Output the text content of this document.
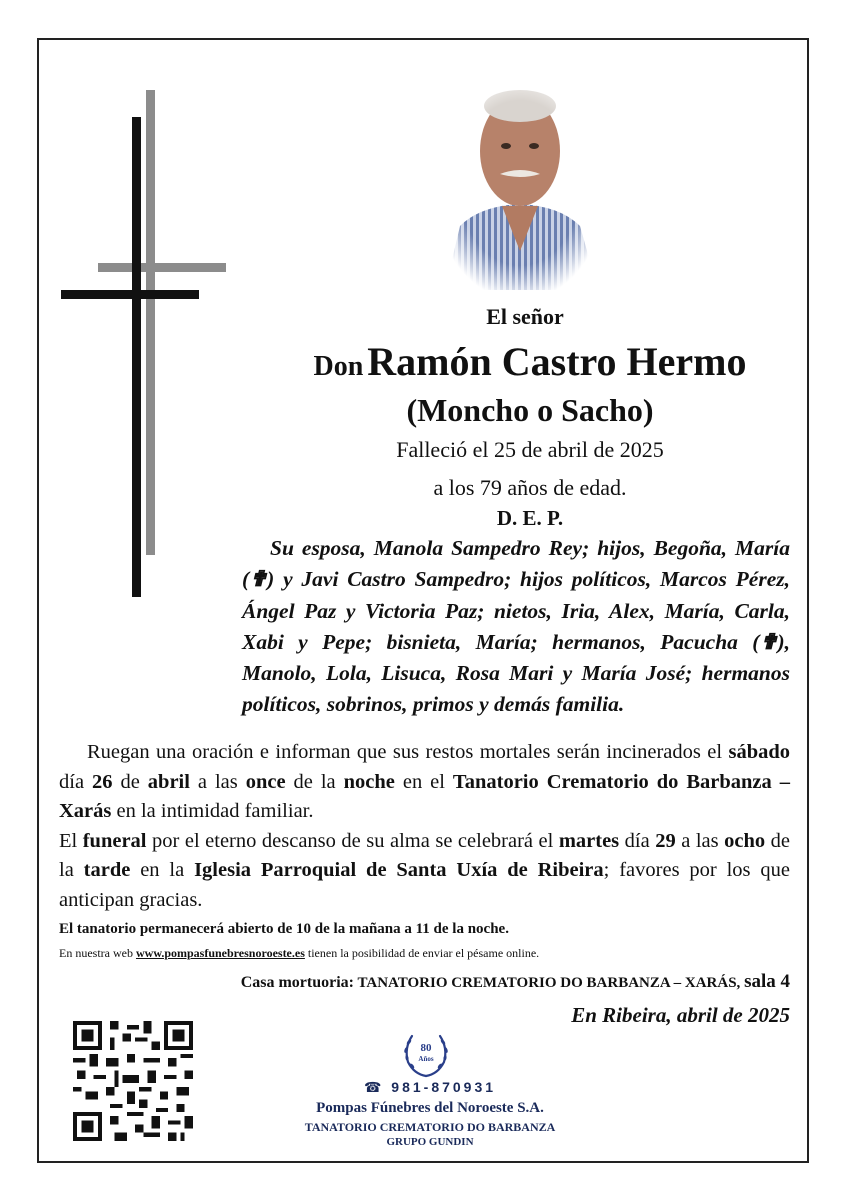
El señor
Don Ramón Castro Hermo
(Moncho o Sacho)
Falleció el 25 de abril de 2025
a los 79 años de edad.
D. E. P.
Su esposa, Manola Sampedro Rey; hijos, Begoña, María (✟) y Javi Castro Sampedro; hijos políticos, Marcos Pérez, Ángel Paz y Victoria Paz; nietos, Iria, Alex, María, Carla, Xabi y Pepe; bisnieta, María; hermanos, Pacucha (✟), Manolo, Lola, Lisuca, Rosa Mari y María José; hermanos políticos, sobrinos, primos y demás familia.
Ruegan una oración e informan que sus restos mortales serán incinerados el sábado día 26 de abril a las once de la noche en el Tanatorio Crematorio do Barbanza – Xarás en la intimidad familiar.
El funeral por el eterno descanso de su alma se celebrará el martes día 29 a las ocho de la tarde en la Iglesia Parroquial de Santa Uxía de Ribeira; favores por los que anticipan gracias.
El tanatorio permanecerá abierto de 10 de la mañana a 11 de la noche.
En nuestra web www.pompasfunebresnoroeste.es tienen la posibilidad de enviar el pésame online.
Casa mortuoria: TANATORIO CREMATORIO DO BARBANZA – XARÁS, sala 4
En Ribeira, abril de 2025
80
Años
☎ 981-870931
Pompas Fúnebres del Noroeste S.A.
TANATORIO CREMATORIO DO BARBANZA
GRUPO GUNDIN
